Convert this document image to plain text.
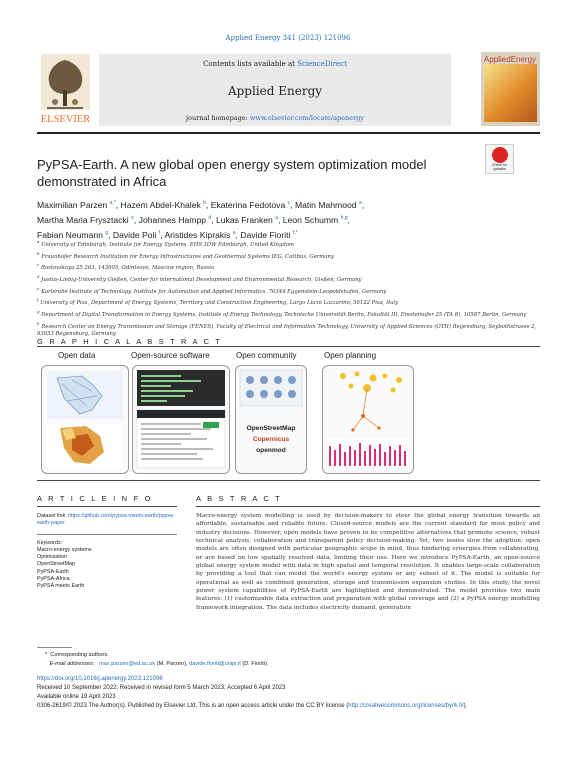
Applied Energy 341 (2023) 121096
ELSEVIER
Contents lists available at ScienceDirect
Applied Energy
journal homepage: www.elsevier.com/locate/apenergy
AppliedEnergy
PyPSA-Earth. A new global open energy system optimization model demonstrated in Africa
Check for updates
Maximilian Parzen $^{a,*}$, Hazem Abdel-Khalek $^b$, Ekaterina Fedotova $^c$, Matin Mahmood $^a$,
Martha Maria Frysztacki $^e$, Johannes Hampp $^d$, Lukas Franken $^a$, Leon Schumm $^{h,g}$,
Fabian Neumann $^g$, Davide Poli $^f$, Aristides Kiprakis $^a$, Davide Fioriti $^{f,*}$
$^a$ University of Edinburgh, Institute for Energy Systems, EH9 3DW Edinburgh, United Kingdom
$^b$ Fraunhofer Research Institution for Energy Infrastructures and Geothermal Systems IEG, Cottbus, Germany
$^c$ Rostovskaya 25 263, 143005, Odintsovo, Moscow region, Russia
$^d$ Justus-Liebig-University Gießen, Center for international Development and Environmental Research, Gießen, Germany
$^e$ Karlsruhe Institute of Technology, Institute for Automation and Applied Informatics, 76344 Eggenstein-Leopoldshafen, Germany
$^f$ University of Pisa, Department of Energy, Systems, Territory and Construction Engineering, Largo Lucio Lazzarino, 56122 Pisa, Italy
$^g$ Department of Digital Transformation in Energy Systems, Institute of Energy Technology, Technische Universität Berlin, Fakultät III, Einsteinufer 25 (TA 8), 10587 Berlin, Germany
$^h$ Research Center on Energy Transmission and Storage (FENES), Faculty of Electrical and Information Technology, University of Applied Sciences (OTH) Regensburg, Seybothstrasse 2, 93053 Regensburg, Germany
G R A P H I C A L A B S T R A C T
Open data	Open-source software	Open community	Open planning
OpenStreetMap
Copernicus
openmod
A R T I C L E I N F O	A B S T R A C T
Dataset link: https://github.com/pypsa-meets-earth/pypsa-earth-paper
Keywords:
Macro-energy systems
Optimization
OpenStreetMap
PyPSA-Earth
PyPSA-Africa
PyPSA meets Earth

Macro-energy system modelling is used by decision-makers to steer the global energy transition towards an affordable, sustainable and reliable future. Closed-source models are the current standard for most policy and industry decisions. However, open models have proven to be competitive alternatives that promote science, robust technical analysis, collaboration and transparent policy decision-making. Yet, two issues slow the adoption: open models are often designed with particular geographic scope in mind, thus hindering synergies from collaborating, or are based on low spatially resolved data, limiting their use. Here we introduce PyPSA-Earth, an open-source global energy system model with data in high spatial and temporal resolution. It enables large-scale collaboration by providing a tool that can model the world's energy system or any subset of it. The model is suitable for operational as well as combined generation, storage and transmission expansion studies. In this study, the novel power system capabilities of PyPSA-Earth are highlighted and demonstrated. The model provides two main features: (1) customizable data extraction and preparation with global coverage and (2) a PyPSA energy modelling framework integration. The data includes electricity demand, generation

* Corresponding authors.
E-mail addresses: max.parzen@ed.ac.uk (M. Parzen), davide.fioriti@unipi.it (D. Fioriti).
https://doi.org/10.1016/j.apenergy.2023.121096
Received 10 September 2022; Received in revised form 5 March 2023; Accepted 6 April 2023
Available online 19 April 2023
0306-2619/© 2023 The Author(s). Published by Elsevier Ltd. This is an open access article under the CC BY license (http://creativecommons.org/licenses/by/4.0/).
